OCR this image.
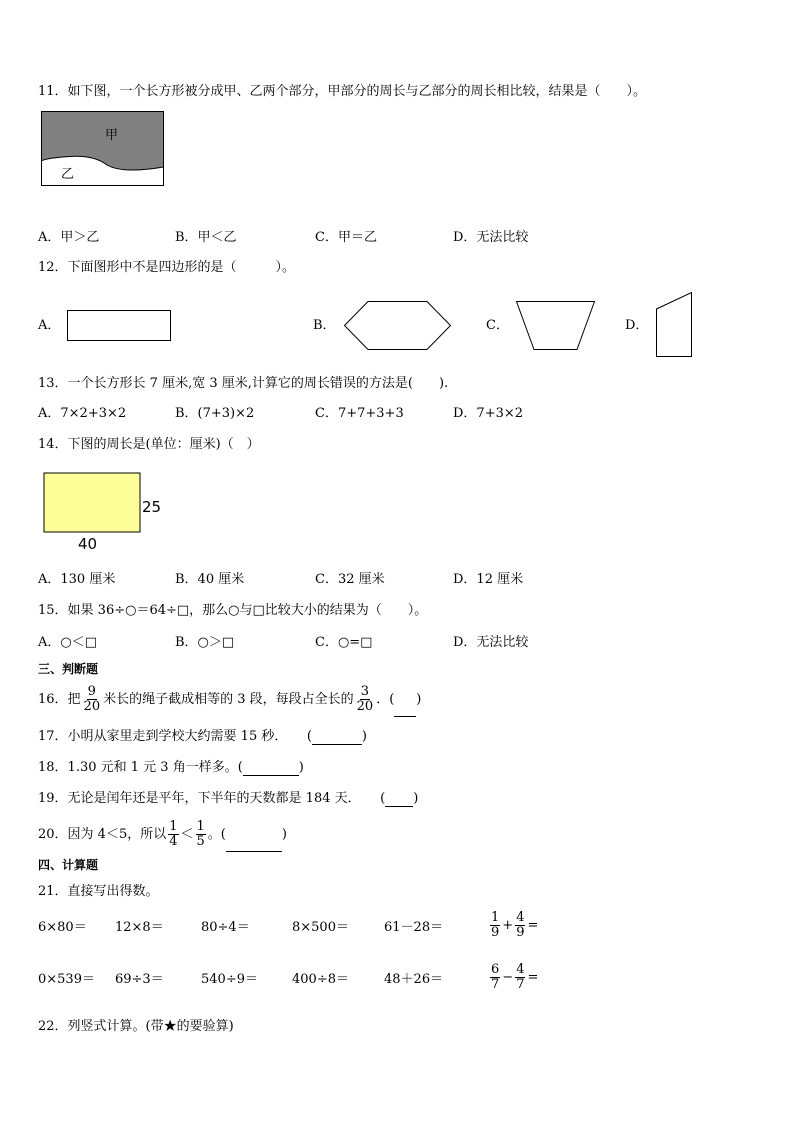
11．如下图，一个长方形被分成甲、乙两个部分，甲部分的周长与乙部分的周长相比较，结果是（　　）。
甲
乙
A．甲＞乙	B．甲＜乙	C．甲＝乙	D．无法比较
12．下面图形中不是四边形的是（　　　）。
A．	B．	C．	D．
13．一个长方形长 7 厘米,宽 3 厘米,计算它的周长错误的方法是(　　).
A．7×2+3×2	B．(7+3)×2	C．7+7+3+3	D．7+3×2
14．下图的周长是(单位：厘米)（　）
25
40
A．130 厘米	B．40 厘米	C．32 厘米	D．12 厘米
15．如果 36÷○＝64÷□，那么○与□比较大小的结果为（　　）。
A．○＜□	B．○＞□	C．○=□	D．无法比较
三、判断题
16．把 $\frac{9}{20}$ 米长的绳子截成相等的 3 段，每段占全长的 $\frac{3}{20}$ ．( )
17．小明从家里走到学校大约需要 15 秒．　　(	)
18．1.30 元和 1 元 3 角一样多。(	)
19．无论是闰年还是平年，下半年的天数都是 184 天．　　( )
20．因为 4＜5，所以 $\frac{1}{4} < \frac{1}{5}$ 。(	)
四、计算题
21．直接写出得数。
6×80＝ 12×8＝	80÷4＝	8×500＝	61－28＝	$\frac{1}{9} + \frac{4}{9}$ =
0×539＝ 69÷3＝	540÷9＝	400÷8＝	48＋26＝	$\frac{6}{7} - \frac{4}{7}$ =
22．列竖式计算。(带★的要验算)
